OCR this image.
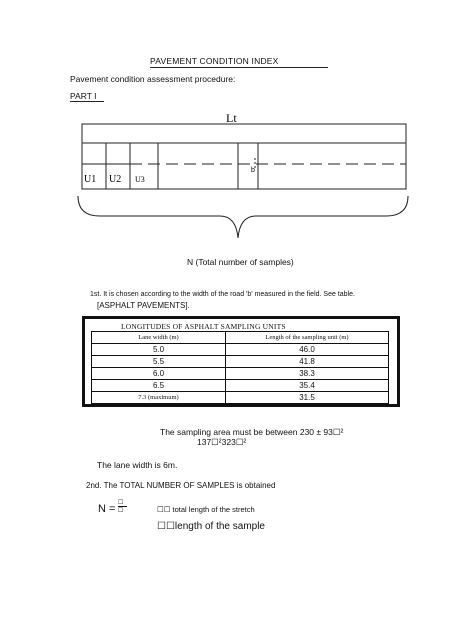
PAVEMENT CONDITION INDEX
Pavement condition assessment procedure:
PART I
Lt
U1 U2 U3
b
N (Total number of samples)
1st. It is chosen according to the width of the road 'b' measured in the field. See table.
[ASPHALT PAVEMENTS].
LONGITUDES OF ASPHALT SAMPLING UNITS
Lane width (m)	Length of the sampling unit (m)
5.0	46.0
5.5	41.8
6.0	38.3
6.5	35.4
7.3 (maximum)	31.5
The sampling area must be between 230 ± 93☐²
137☐²323☐²
The lane width is 6m.
2nd. The TOTAL NUMBER OF SAMPLES is obtained
N = ☐
☐	☐☐ total length of the stretch
☐☐length of the sample
